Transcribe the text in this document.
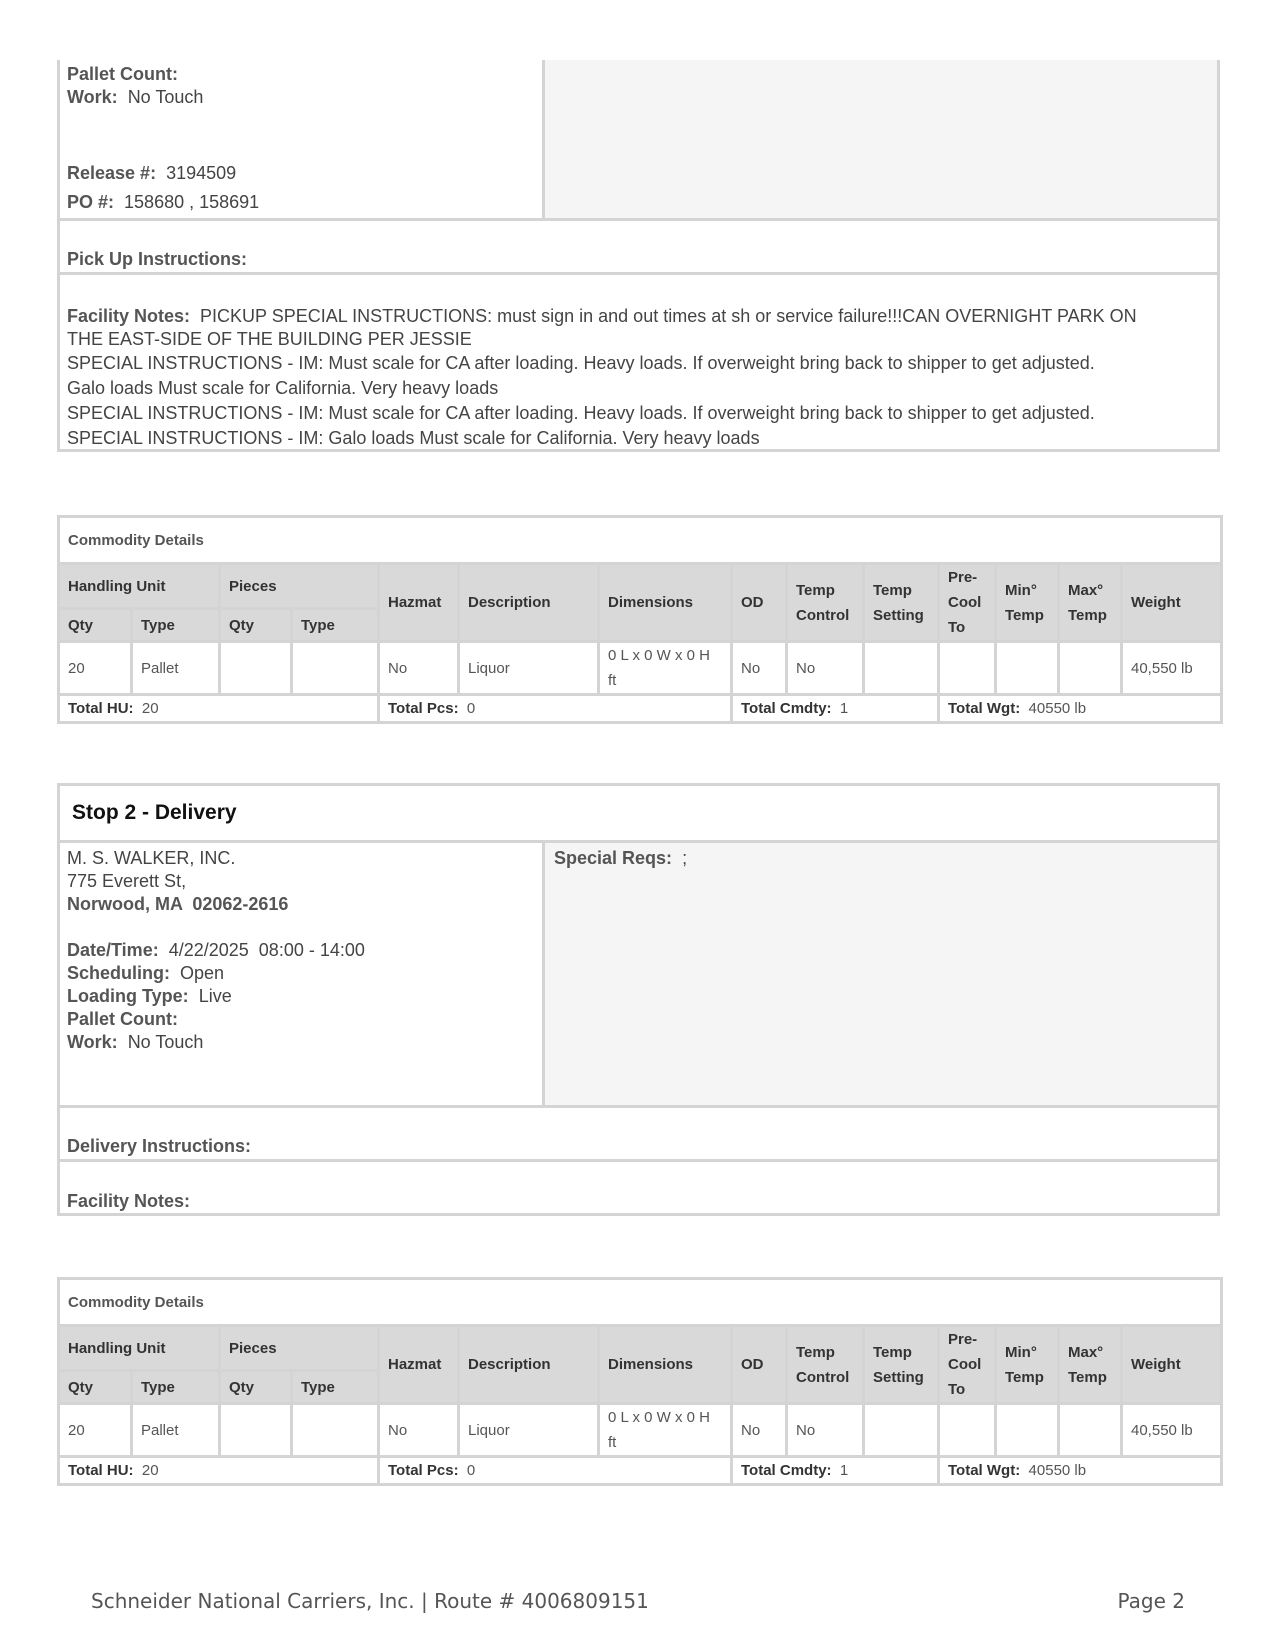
Pallet Count:
Work: No Touch
Release #: 3194509
PO #: 158680 , 158691
Pick Up Instructions:
Facility Notes: PICKUP SPECIAL INSTRUCTIONS: must sign in and out times at sh or service failure!!!CAN OVERNIGHT PARK ON
THE EAST-SIDE OF THE BUILDING PER JESSIE
SPECIAL INSTRUCTIONS - IM: Must scale for CA after loading. Heavy loads. If overweight bring back to shipper to get adjusted.
Galo loads Must scale for California. Very heavy loads
SPECIAL INSTRUCTIONS - IM: Must scale for CA after loading. Heavy loads. If overweight bring back to shipper to get adjusted.
SPECIAL INSTRUCTIONS - IM: Galo loads Must scale for California. Very heavy loads
Commodity Details													
Handling Unit		Pieces		Hazmat	Description	Dimensions	OD	Temp Control	Temp Setting	Pre-Cool To	Min° Temp	Max° Temp	Weight
Qty	Type	Qty	Type										
20	Pallet			No	Liquor	0 L x 0 W x 0 H ft	No	No					40,550 lb
Total HU: 20				Total Pcs: 0			Total Cmdty: 1			Total Wgt: 40550 lb			
Stop 2 - Delivery
M. S. WALKER, INC.
775 Everett St,
Norwood, MA  02062-2616
Date/Time: 4/22/2025  08:00 - 14:00
Scheduling: Open
Loading Type: Live
Pallet Count:
Work: No Touch
Special Reqs: ;
Delivery Instructions:
Facility Notes:
Commodity Details													
Handling Unit		Pieces		Hazmat	Description	Dimensions	OD	Temp Control	Temp Setting	Pre-Cool To	Min° Temp	Max° Temp	Weight
Qty	Type	Qty	Type										
20	Pallet			No	Liquor	0 L x 0 W x 0 H ft	No	No					40,550 lb
Total HU: 20				Total Pcs: 0			Total Cmdty: 1			Total Wgt: 40550 lb			
Schneider National Carriers, Inc. | Route # 4006809151	Page 2
